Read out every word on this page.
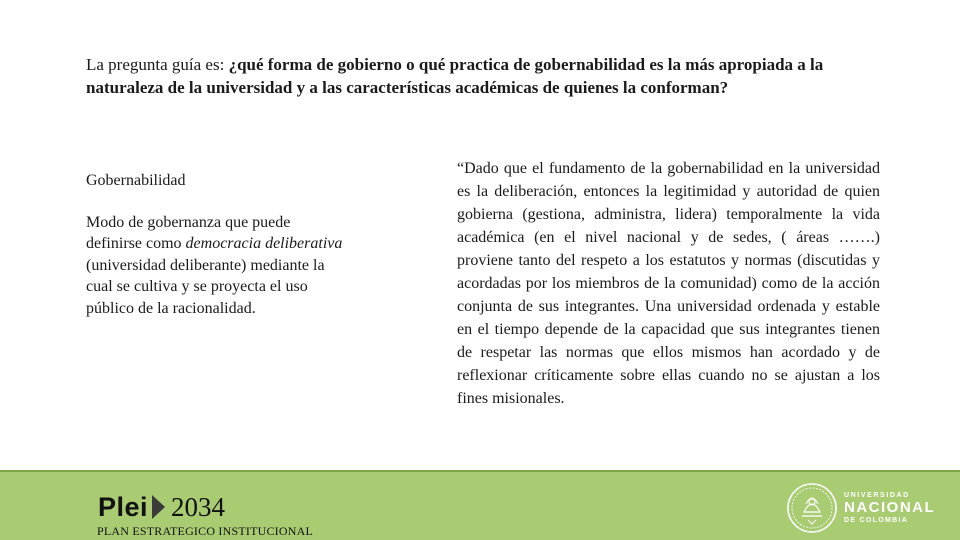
La pregunta guía es: ¿qué forma de gobierno o qué practica de gobernabilidad es la más apropiada a la naturaleza de la universidad y a las características académicas de quienes la conforman?

Gobernabilidad

Modo de gobernanza que puede definirse como democracia deliberativa (universidad deliberante) mediante la cual se cultiva y se proyecta el uso público de la racionalidad.

“Dado que el fundamento de la gobernabilidad en la universidad es la deliberación, entonces la legitimidad y autoridad de quien gobierna (gestiona, administra, lidera) temporalmente la vida académica (en el nivel nacional y de sedes, ( áreas …….) proviene tanto del respeto a los estatutos y normas (discutidas y acordadas por los miembros de la comunidad) como de la acción conjunta de sus integrantes. Una universidad ordenada y estable en el tiempo depende de la capacidad que sus integrantes tienen de respetar las normas que ellos mismos han acordado y de reflexionar críticamente sobre ellas cuando no se ajustan a los fines misionales.
Plei 2034
PLAN ESTRATEGICO INSTITUCIONAL
UNIVERSIDAD
NACIONAL
DE COLOMBIA
